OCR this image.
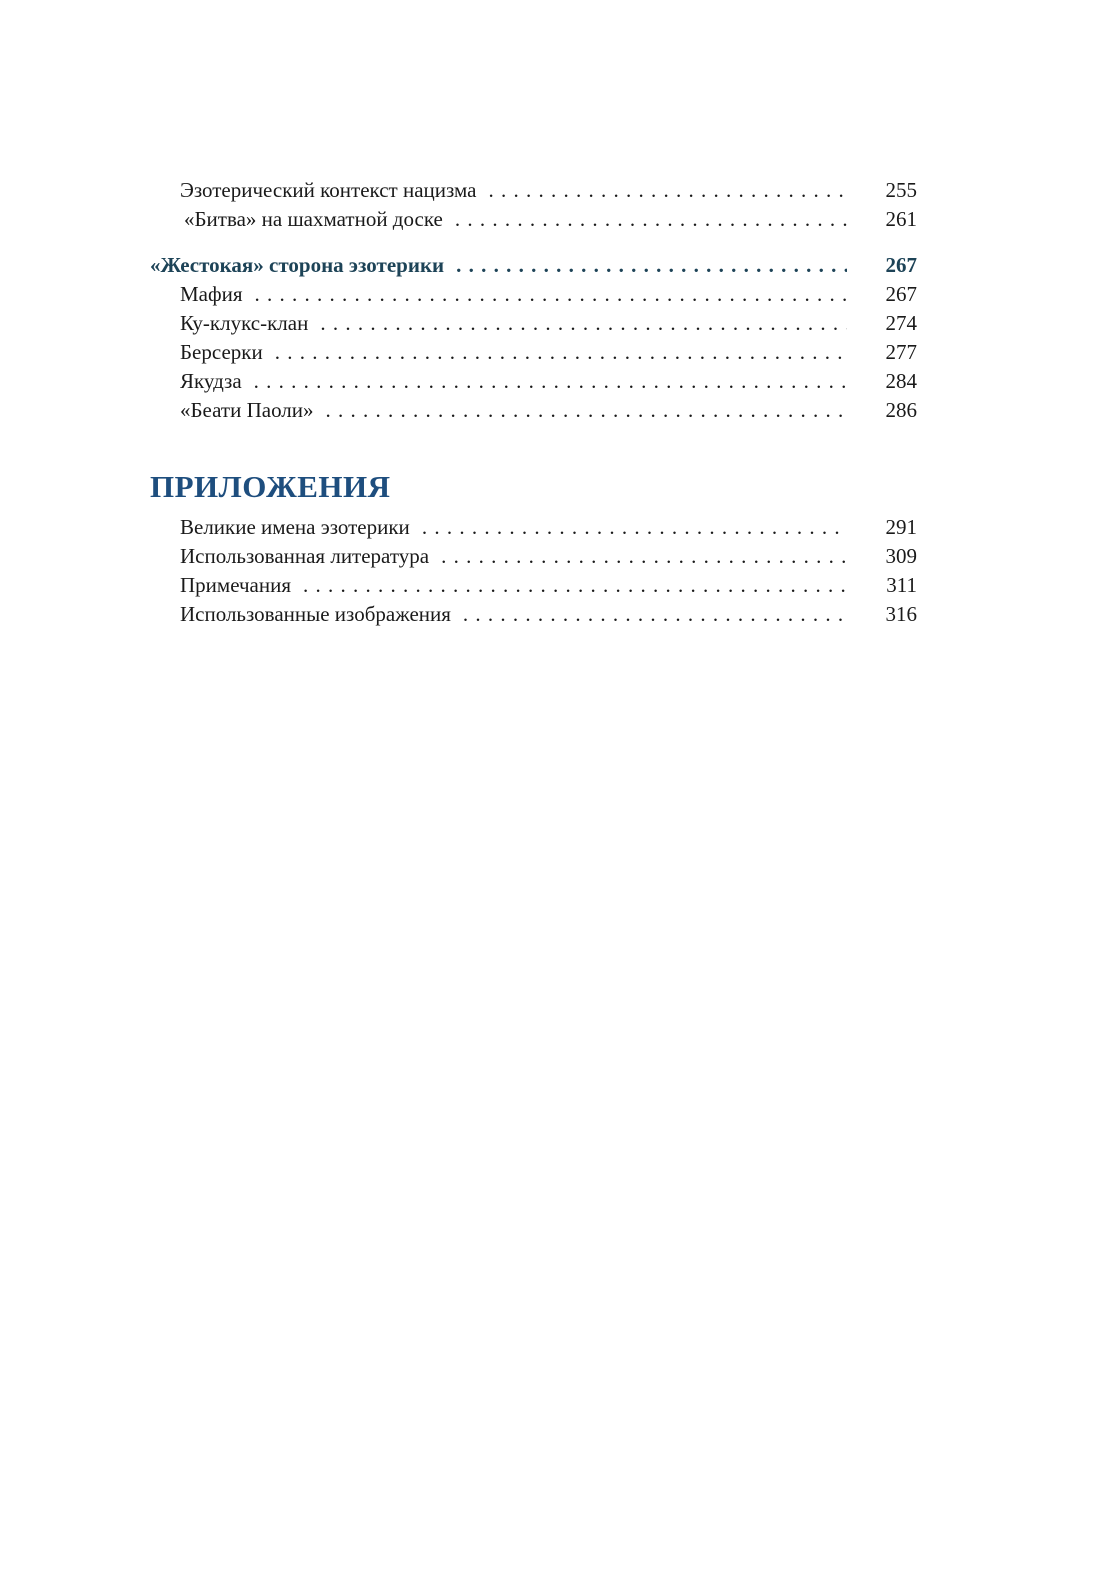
Эзотерический контекст нацизма . . .	255
«Битва» на шахматной доске . . .	261
«Жестокая» сторона эзотерики . . .	267
Мафия . . .	267
Ку-клукс-клан . . .	274
Берсерки . . .	277
Якудза . . .	284
«Беати Паоли» . . .	286
ПРИЛОЖЕНИЯ
Великие имена эзотерики . . .	291
Использованная литература . . .	309
Примечания . . .	311
Использованные изображения . . .	316
